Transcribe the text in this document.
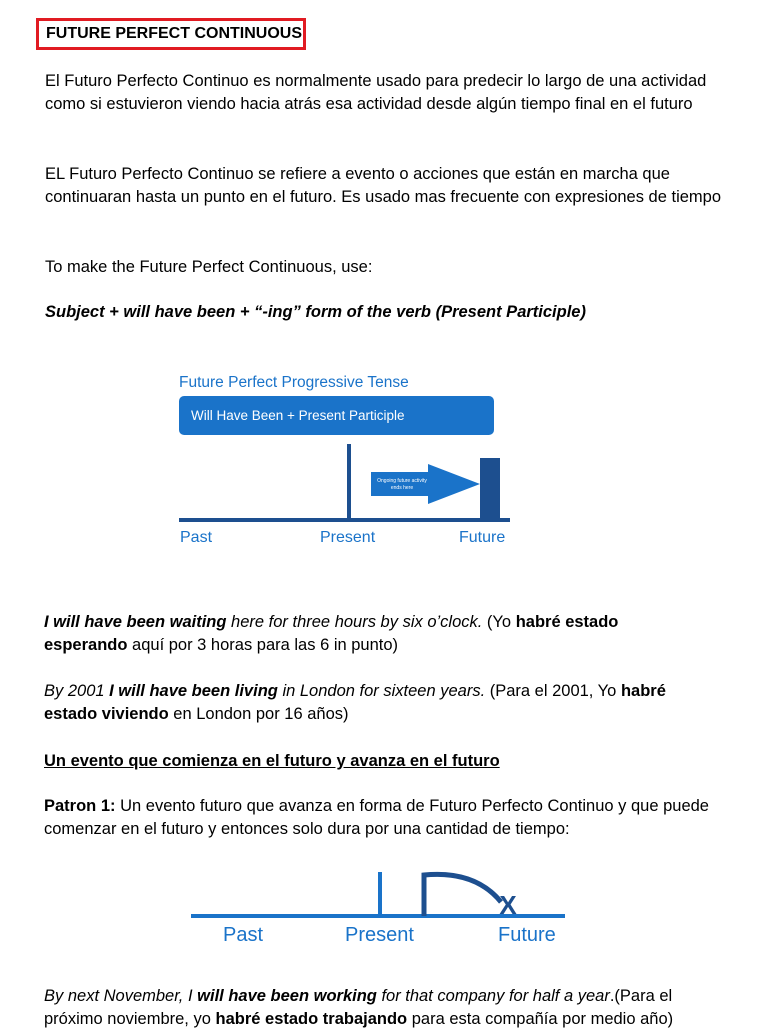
FUTURE PERFECT CONTINUOUS
El Futuro Perfecto Continuo es normalmente usado para predecir lo largo de una actividad como si estuvieron viendo hacia atrás esa actividad desde algún tiempo final en el futuro
EL Futuro Perfecto Continuo se refiere a evento o acciones que están en marcha que continuaran hasta un punto en el futuro. Es usado mas frecuente con expresiones de tiempo
To make the Future Perfect Continuous, use:
Subject + will have been + “-ing” form of the verb (Present Participle)
Future Perfect Progressive Tense
Will Have Been + Present Participle
Ongoing future activity
ends here
Past	Present	Future
I will have been waiting here for three hours by six o’clock. (Yo habré estado
esperando aquí por 3 horas para las 6 in punto)
By 2001 I will have been living in London for sixteen years. (Para el 2001, Yo habré
estado viviendo en London por 16 años)
Un evento que comienza en el futuro y avanza en el futuro
Patron 1: Un evento futuro que avanza en forma de Futuro Perfecto Continuo y que puede comenzar en el futuro y entonces solo dura por una cantidad de tiempo:
X
Past	Present	Future
By next November, I will have been working for that company for half a year.(Para el próximo noviembre, yo habré estado trabajando para esta compañía por medio año)
